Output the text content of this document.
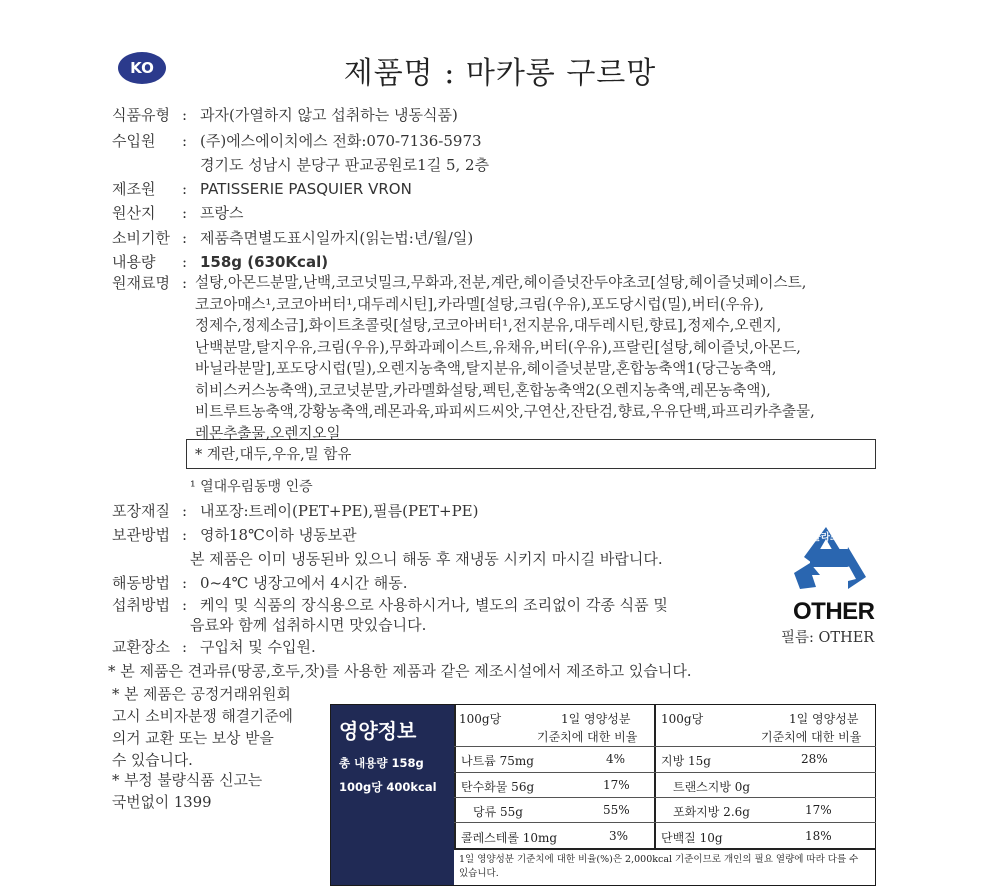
KO	제품명 : 마카롱 구르망
식품유형 : 과자(가열하지 않고 섭취하는 냉동식품)
수입원 : (주)에스에이치에스 전화:070-7136-5973
경기도 성남시 분당구 판교공원로1길 5, 2층
제조원 : PATISSERIE PASQUIER VRON
원산지 : 프랑스
소비기한 : 제품측면별도표시일까지(읽는법:년/월/일)
내용량 : 158g (630Kcal)
원재료명 : 설탕,아몬드분말,난백,코코넛밀크,무화과,전분,계란,헤이즐넛잔두야초코[설탕,헤이즐넛페이스트,
코코아매스¹,코코아버터¹,대두레시틴],카라멜[설탕,크림(우유),포도당시럽(밀),버터(우유),
정제수,정제소금],화이트초콜릿[설탕,코코아버터¹,전지분유,대두레시틴,향료],정제수,오렌지,
난백분말,탈지우유,크림(우유),무화과페이스트,유채유,버터(우유),프랄린[설탕,헤이즐넛,아몬드,
바닐라분말],포도당시럽(밀),오렌지농축액,탈지분유,헤이즐넛분말,혼합농축액1(당근농축액,
히비스커스농축액),코코넛분말,카라멜화설탕,펙틴,혼합농축액2(오렌지농축액,레몬농축액),
비트루트농축액,강황농축액,레몬과육,파피씨드씨앗,구연산,잔탄검,향료,우유단백,파프리카추출물,
레몬추출물,오렌지오일
* 계란,대두,우유,밀 함유
¹ 열대우림동맹 인증
포장재질 : 내포장:트레이(PET+PE),필름(PET+PE)
보관방법 : 영하18℃이하 냉동보관
본 제품은 이미 냉동된바 있으니 해동 후 재냉동 시키지 마시길 바랍니다.
해동방법 : 0~4℃ 냉장고에서 4시간 해동.
섭취방법 : 케익 및 식품의 장식용으로 사용하시거나, 별도의 조리없이 각종 식품 및
음료와 함께 섭취하시면 맛있습니다.
교환장소 : 구입처 및 수입원.
* 본 제품은 견과류(땅콩,호두,잣)를 사용한 제품과 같은 제조시설에서 제조하고 있습니다.
* 본 제품은 공정거래위원회
고시 소비자분쟁 해결기준에
의거 교환 또는 보상 받을
수 있습니다.
* 부정 불량식품 신고는
국번없이 1399
플라스틱
OTHER
필름: OTHER
영양정보
총 내용량 158g
100g당 400kcal
100g당	1일 영양성분
기준치에 대한 비율
100g당	1일 영양성분
기준치에 대한 비율
나트륨 75mg	4%
탄수화물 56g	17%
당류 55g	55%
콜레스테롤 10mg	3%
지방 15g	28%
트랜스지방 0g
포화지방 2.6g	17%
단백질 10g	18%
1일 영양성분 기준치에 대한 비율(%)은 2,000kcal 기준이므로 개인의 필요 열량에 따라 다를 수 있습니다.
